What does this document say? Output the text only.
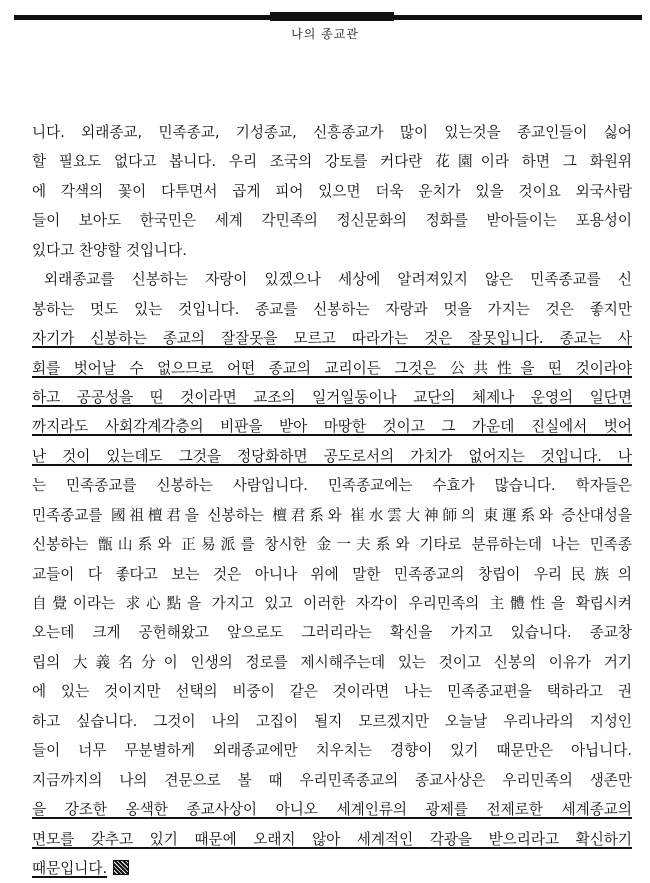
나의 종교관
니다. 외래종교, 민족종교, 기성종교, 신흥종교가 많이 있는것을 종교인들이 싫어
할 필요도 없다고 봅니다. 우리 조국의 강토를 커다란 花園이라 하면 그 화원위
에 각색의 꽃이 다투면서 곱게 피어 있으면 더욱 운치가 있을 것이요 외국사람
들이 보아도 한국민은 세계 각민족의 정신문화의 정화를 받아들이는 포용성이
있다고 찬양할 것입니다.
외래종교를 신봉하는 자랑이 있겠으나 세상에 알려져있지 않은 민족종교를 신
봉하는 멋도 있는 것입니다. 종교를 신봉하는 자랑과 멋을 가지는 것은 좋지만
자기가 신봉하는 종교의 잘잘못을 모르고 따라가는 것은 잘못입니다. 종교는 사
회를 벗어날 수 없으므로 어떤 종교의 교리이든 그것은 公共性을 띤 것이라야
하고 공공성을 띤 것이라면 교조의 일거일동이나 교단의 체제나 운영의 일단면
까지라도 사회각계각층의 비판을 받아 마땅한 것이고 그 가운데 진실에서 벗어
난 것이 있는데도 그것을 정당화하면 공도로서의 가치가 없어지는 것입니다. 나
는 민족종교를 신봉하는 사람입니다. 민족종교에는 수효가 많습니다. 학자들은
민족종교를 國祖檀君을 신봉하는 檀君系와 崔水雲大神師의 東運系와 증산대성을
신봉하는 甑山系와 正易派를 창시한 金一夫系와 기타로 분류하는데 나는 민족종
교들이 다 좋다고 보는 것은 아니나 위에 말한 민족종교의 창립이 우리民族의
自覺이라는 求心點을 가지고 있고 이러한 자각이 우리민족의 主體性을 확립시켜
오는데 크게 공헌해왔고 앞으로도 그러리라는 확신을 가지고 있습니다. 종교창
립의 大義名分이 인생의 정로를 제시해주는데 있는 것이고 신봉의 이유가 거기
에 있는 것이지만 선택의 비중이 같은 것이라면 나는 민족종교편을 택하라고 권
하고 싶습니다. 그것이 나의 고집이 될지 모르겠지만 오늘날 우리나라의 지성인
들이 너무 무분별하게 외래종교에만 치우치는 경향이 있기 때문만은 아닙니다.
지금까지의 나의 견문으로 볼 때 우리민족종교의 종교사상은 우리민족의 생존만
을 강조한 옹색한 종교사상이 아니오 세계인류의 광제를 전제로한 세계종교의
면모를 갖추고 있기 때문에 오래지 않아 세계적인 각광을 받으리라고 확신하기
때문입니다.
